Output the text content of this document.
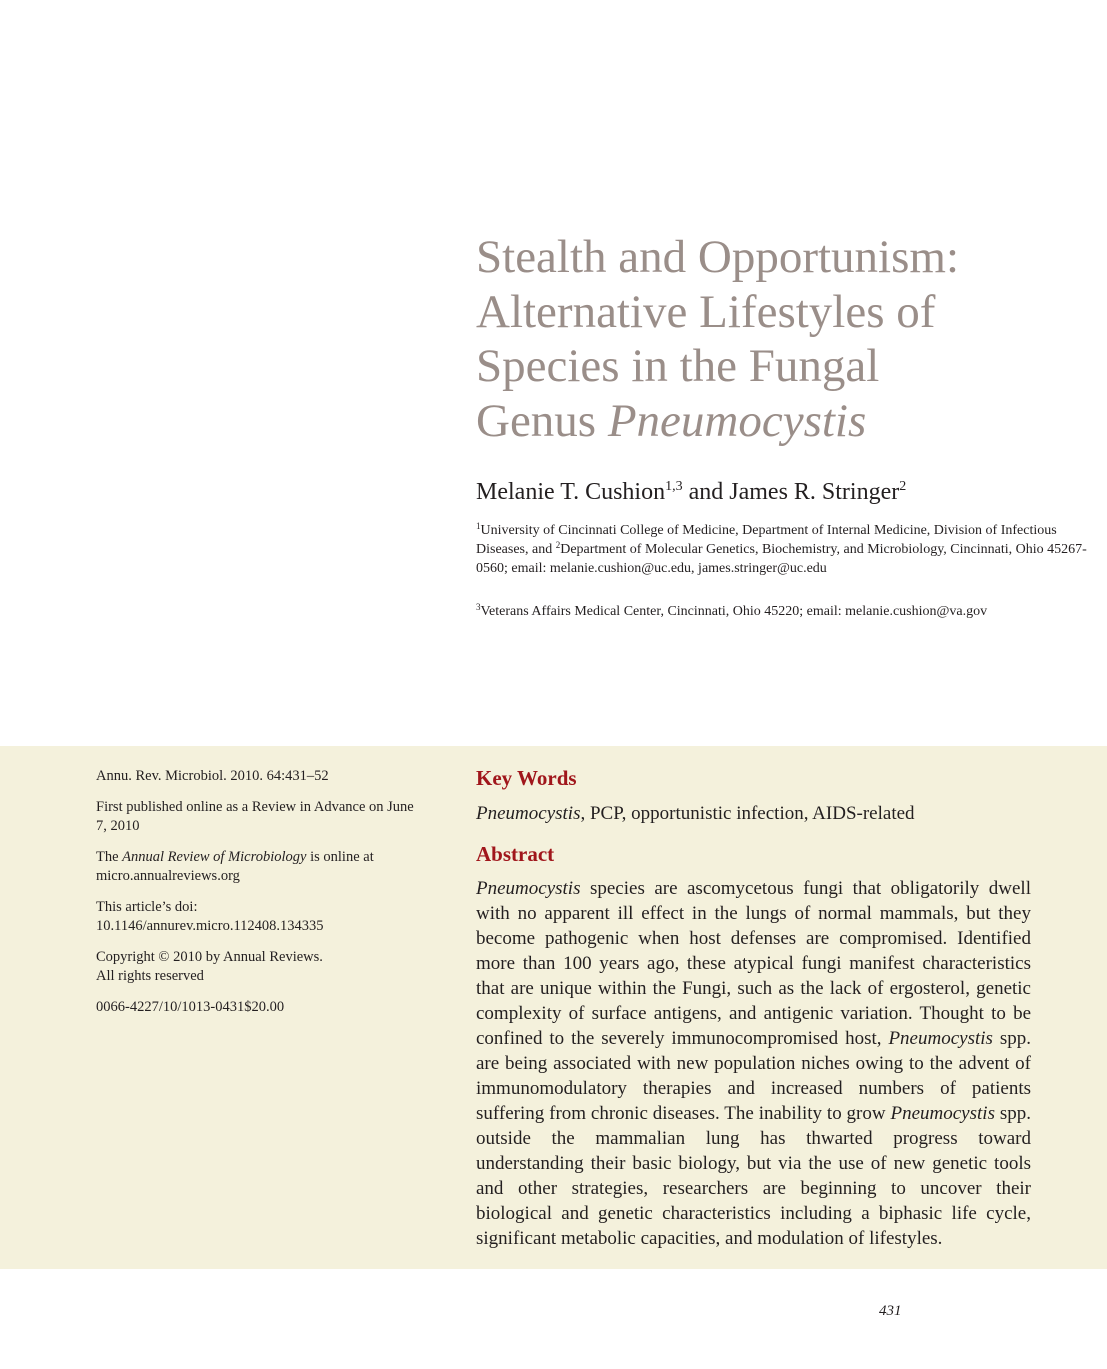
Stealth and Opportunism:
Alternative Lifestyles of
Species in the Fungal
Genus Pneumocystis
Melanie T. Cushion$^{1,3}$ and James R. Stringer$^2$
$^1$University of Cincinnati College of Medicine, Department of Internal Medicine, Division of Infectious Diseases, and $^2$Department of Molecular Genetics, Biochemistry, and Microbiology, Cincinnati, Ohio 45267-0560; email: melanie.cushion@uc.edu, james.stringer@uc.edu
$^3$Veterans Affairs Medical Center, Cincinnati, Ohio 45220; email: melanie.cushion@va.gov

Annu. Rev. Microbiol. 2010. 64:431–52

First published online as a Review in Advance on June 7, 2010

The Annual Review of Microbiology is online at micro.annualreviews.org

This article’s doi:
10.1146/annurev.micro.112408.134335

Copyright © 2010 by Annual Reviews.
All rights reserved

0066-4227/10/1013-0431$20.00

Key Words
Pneumocystis, PCP, opportunistic infection, AIDS-related
Abstract
Pneumocystis species are ascomycetous fungi that obligatorily dwell with no apparent ill effect in the lungs of normal mammals, but they become pathogenic when host defenses are compromised. Identified more than 100 years ago, these atypical fungi manifest characteristics that are unique within the Fungi, such as the lack of ergosterol, genetic complexity of surface antigens, and antigenic variation. Thought to be confined to the severely immunocompromised host, Pneumocystis spp. are being associated with new population niches owing to the advent of immunomodulatory therapies and increased numbers of patients suffering from chronic diseases. The inability to grow Pneumocystis spp. outside the mammalian lung has thwarted progress toward understanding their basic biology, but via the use of new genetic tools and other strategies, researchers are beginning to uncover their biological and genetic characteristics including a biphasic life cycle, significant metabolic capacities, and modulation of lifestyles.
431
